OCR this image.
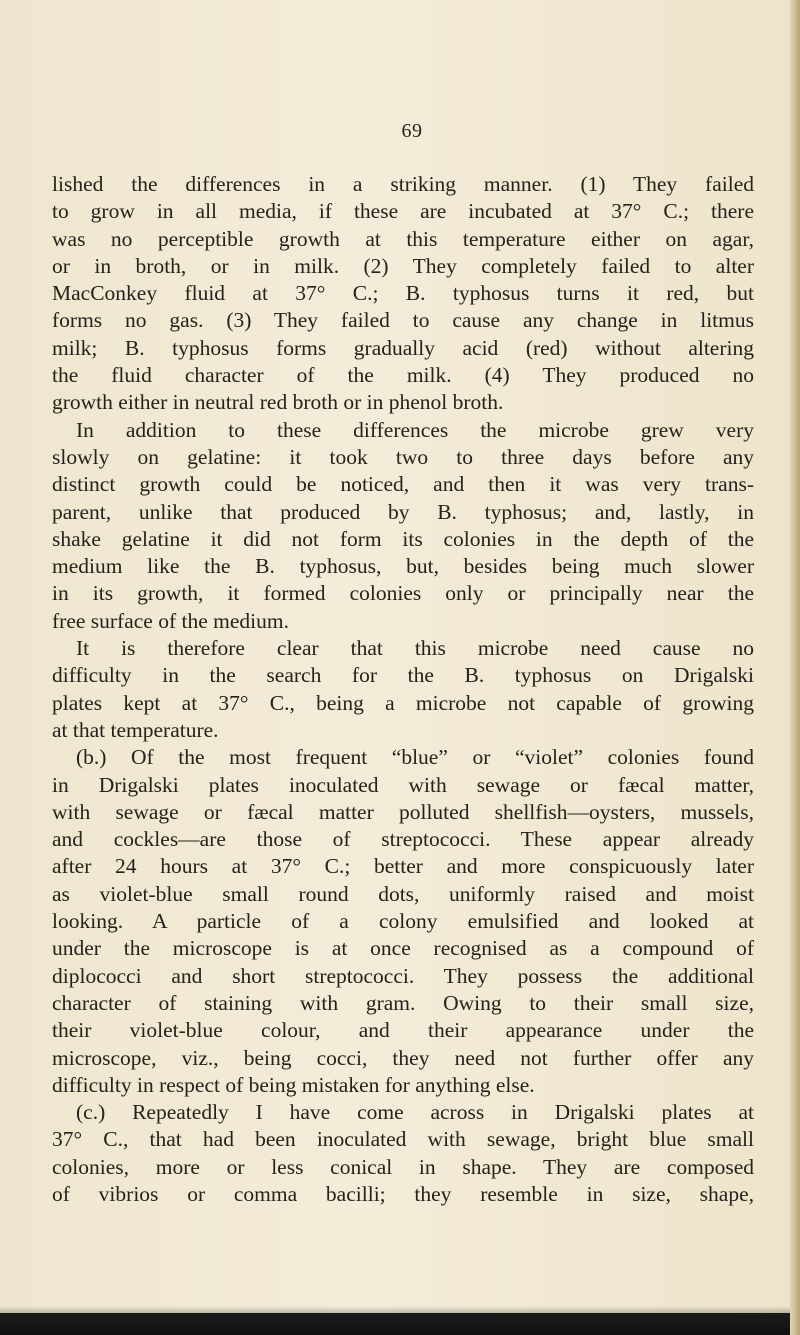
69
lished the differences in a striking manner. (1) They failed
to grow in all media, if these are incubated at 37° C.; there
was no perceptible growth at this temperature either on agar,
or in broth, or in milk. (2) They completely failed to alter
MacConkey fluid at 37° C.; B. typhosus turns it red, but
forms no gas. (3) They failed to cause any change in litmus
milk; B. typhosus forms gradually acid (red) without altering
the fluid character of the milk. (4) They produced no
growth either in neutral red broth or in phenol broth.
In addition to these differences the microbe grew very
slowly on gelatine: it took two to three days before any
distinct growth could be noticed, and then it was very trans-
parent, unlike that produced by B. typhosus; and, lastly, in
shake gelatine it did not form its colonies in the depth of the
medium like the B. typhosus, but, besides being much slower
in its growth, it formed colonies only or principally near the
free surface of the medium.
It is therefore clear that this microbe need cause no
difficulty in the search for the B. typhosus on Drigalski
plates kept at 37° C., being a microbe not capable of growing
at that temperature.
(b.) Of the most frequent “blue” or “violet” colonies found
in Drigalski plates inoculated with sewage or fæcal matter,
with sewage or fæcal matter polluted shellfish—oysters, mussels,
and cockles—are those of streptococci. These appear already
after 24 hours at 37° C.; better and more conspicuously later
as violet-blue small round dots, uniformly raised and moist
looking. A particle of a colony emulsified and looked at
under the microscope is at once recognised as a compound of
diplococci and short streptococci. They possess the additional
character of staining with gram. Owing to their small size,
their violet-blue colour, and their appearance under the
microscope, viz., being cocci, they need not further offer any
difficulty in respect of being mistaken for anything else.
(c.) Repeatedly I have come across in Drigalski plates at
37° C., that had been inoculated with sewage, bright blue small
colonies, more or less conical in shape. They are composed
of vibrios or comma bacilli; they resemble in size, shape,
